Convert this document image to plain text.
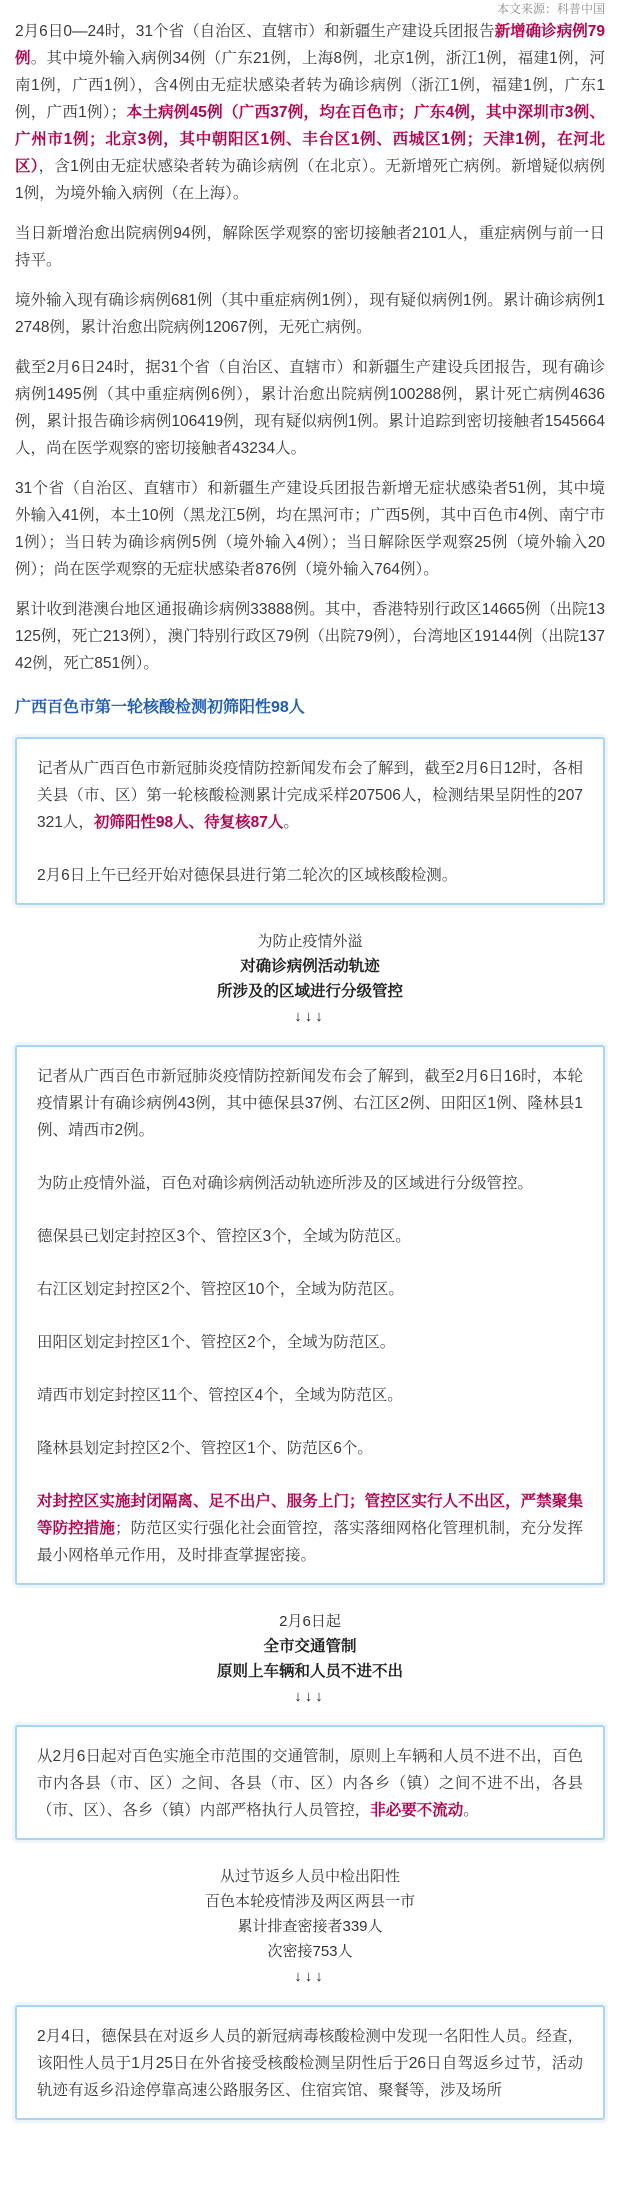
本文来源：科普中国

2月6日0—24时，31个省（自治区、直辖市）和新疆生产建设兵团报告新增确诊病例79例。其中境外输入病例34例（广东21例，上海8例，北京1例，浙江1例，福建1例，河南1例，广西1例），含4例由无症状感染者转为确诊病例（浙江1例，福建1例，广东1例，广西1例）；本土病例45例（广西37例，均在百色市；广东4例，其中深圳市3例、广州市1例；北京3例，其中朝阳区1例、丰台区1例、西城区1例；天津1例，在河北区），含1例由无症状感染者转为确诊病例（在北京）。无新增死亡病例。新增疑似病例1例，为境外输入病例（在上海）。

当日新增治愈出院病例94例，解除医学观察的密切接触者2101人，重症病例与前一日持平。

境外输入现有确诊病例681例（其中重症病例1例），现有疑似病例1例。累计确诊病例12748例，累计治愈出院病例12067例，无死亡病例。

截至2月6日24时，据31个省（自治区、直辖市）和新疆生产建设兵团报告，现有确诊病例1495例（其中重症病例6例），累计治愈出院病例100288例，累计死亡病例4636例，累计报告确诊病例106419例，现有疑似病例1例。累计追踪到密切接触者1545664人，尚在医学观察的密切接触者43234人。

31个省（自治区、直辖市）和新疆生产建设兵团报告新增无症状感染者51例，其中境外输入41例，本土10例（黑龙江5例，均在黑河市；广西5例，其中百色市4例、南宁市1例）；当日转为确诊病例5例（境外输入4例）；当日解除医学观察25例（境外输入20例）；尚在医学观察的无症状感染者876例（境外输入764例）。

累计收到港澳台地区通报确诊病例33888例。其中，香港特别行政区14665例（出院13125例，死亡213例），澳门特别行政区79例（出院79例），台湾地区19144例（出院13742例，死亡851例）。

广西百色市第一轮核酸检测初筛阳性98人

记者从广西百色市新冠肺炎疫情防控新闻发布会了解到，截至2月6日12时，各相关县（市、区）第一轮核酸检测累计完成采样207506人，检测结果呈阴性的207321人，初筛阳性98人、待复核87人。

2月6日上午已经开始对德保县进行第二轮次的区域核酸检测。

为防止疫情外溢
对确诊病例活动轨迹
所涉及的区域进行分级管控
↓↓↓

记者从广西百色市新冠肺炎疫情防控新闻发布会了解到，截至2月6日16时，本轮疫情累计有确诊病例43例，其中德保县37例、右江区2例、田阳区1例、隆林县1例、靖西市2例。

为防止疫情外溢，百色对确诊病例活动轨迹所涉及的区域进行分级管控。

德保县已划定封控区3个、管控区3个，全域为防范区。

右江区划定封控区2个、管控区10个，全域为防范区。

田阳区划定封控区1个、管控区2个，全域为防范区。

靖西市划定封控区11个、管控区4个，全域为防范区。

隆林县划定封控区2个、管控区1个、防范区6个。

对封控区实施封闭隔离、足不出户、服务上门；管控区实行人不出区，严禁聚集等防控措施；防范区实行强化社会面管控，落实落细网格化管理机制，充分发挥最小网格单元作用，及时排查掌握密接。

2月6日起
全市交通管制
原则上车辆和人员不进不出
↓↓↓

从2月6日起对百色实施全市范围的交通管制，原则上车辆和人员不进不出，百色市内各县（市、区）之间、各县（市、区）内各乡（镇）之间不进不出，各县（市、区）、各乡（镇）内部严格执行人员管控，非必要不流动。

从过节返乡人员中检出阳性
百色本轮疫情涉及两区两县一市
累计排查密接者339人
次密接753人
↓↓↓

2月4日，德保县在对返乡人员的新冠病毒核酸检测中发现一名阳性人员。经查，该阳性人员于1月25日在外省接受核酸检测呈阴性后于26日自驾返乡过节，活动轨迹有返乡沿途停靠高速公路服务区、住宿宾馆、聚餐等，涉及场所
